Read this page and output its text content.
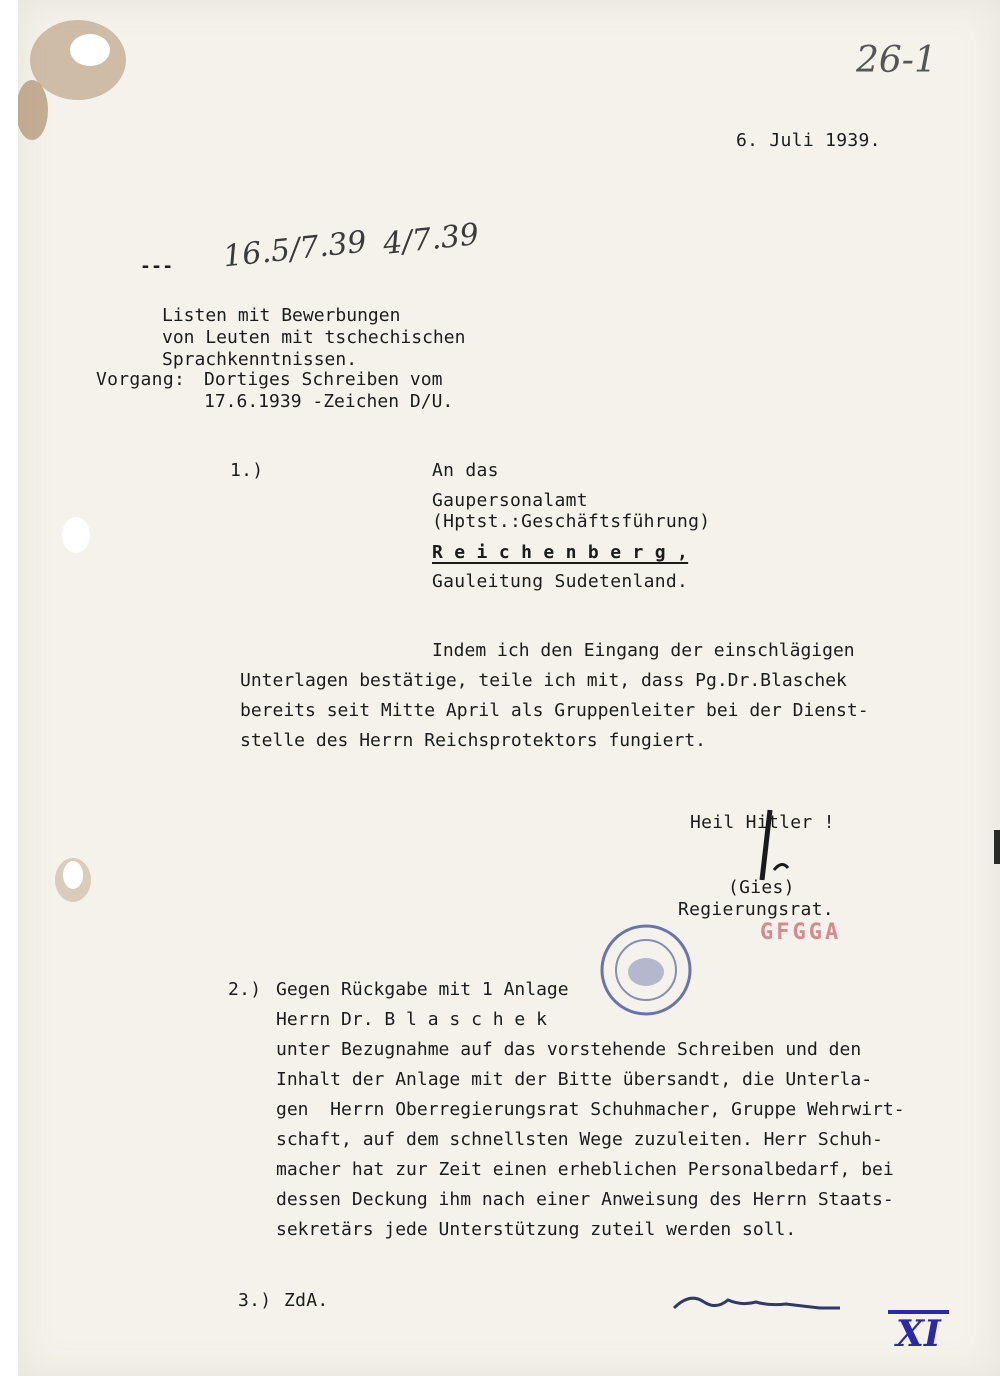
26-1
6. Juli 1939.
--- 16.5/7.39 4/7.39
Listen mit Bewerbungen
von Leuten mit tschechischen
Sprachkenntnissen.
Vorgang: Dortiges Schreiben vom
17.6.1939 -Zeichen D/U.
1.)	An das
Gaupersonalamt
(Hptst.:Geschäftsführung)
R e i c h e n b e r g ,
Gauleitung Sudetenland.
Indem ich den Eingang der einschlägigen
Unterlagen bestätige, teile ich mit, dass Pg.Dr.Blaschek
bereits seit Mitte April als Gruppenleiter bei der Dienst-
stelle des Herrn Reichsprotektors fungiert.
Heil Hitler !
(Gies)
Regierungsrat.
GFGGA
2.) Gegen Rückgabe mit 1 Anlage
Herrn Dr. B l a s c h e k
unter Bezugnahme auf das vorstehende Schreiben und den
Inhalt der Anlage mit der Bitte übersandt, die Unterla-
gen  Herrn Oberregierungsrat Schuhmacher, Gruppe Wehrwirt-
schaft, auf dem schnellsten Wege zuzuleiten. Herr Schuh-
macher hat zur Zeit einen erheblichen Personalbedarf, bei
dessen Deckung ihm nach einer Anweisung des Herrn Staats-
sekretärs jede Unterstützung zuteil werden soll.
3.) ZdA.
XI
